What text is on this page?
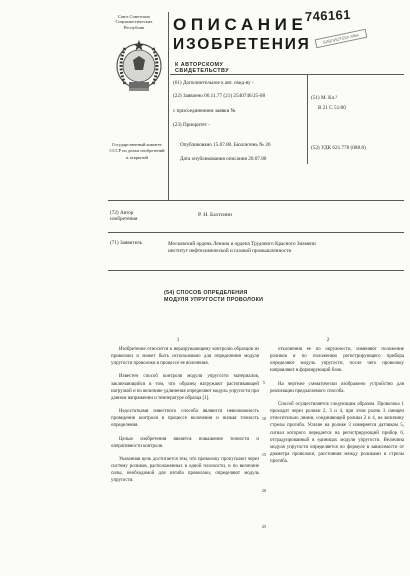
Союз Советских Социалистических Республик
Государственный комитет СССР по делам изобретений и открытий
ОПИСАНИЕ
ИЗОБРЕТЕНИЯ
К АВТОРСКОМУ СВИДЕТЕЛЬСТВУ
746161
БИБЛИОТЕКА МБА
(61) Дополнительное к авт. свид-ву -
(22) Заявлено 06.11.77 (21) 2540746/25-08
с присоединением заявки №
(23) Приоритет -
Опубликовано 15.07.80. Бюллетень № 26
Дата опубликования описания 20.07.80
(51) М. Кл.²
B 21 C 51/00
(53) УДК 621.778 (088.8)
(72) Автор изобретения
Р. Н. Бахтизин
(71) Заявитель	Московский ордена Ленина и ордена Трудового Красного Знамени институт нефтехимической и газовой промышленности
(54) СПОСОБ ОПРЕДЕЛЕНИЯ МОДУЛЯ УПРУГОСТИ ПРОВОЛОКИ
1	2

Изобретение относится к неразрушающему контролю образцов из проволоки и может быть использовано для определения модуля упругости проволоки в процессе ее волочения.

Известен способ контроля модуля упругости материалов, заключающийся в том, что образец нагружают растягивающей нагрузкой и по величине удлинения определяют модуль упругости при данном напряжении и температуре образца [1].

Недостатками известного способа являются невозможность проведения контроля в процессе волочения и низкая точность определения.

Целью изобретения является повышение точности и оперативности контроля.

Указанная цель достигается тем, что проволоку пропускают через систему роликов, расположенных в одной плоскости, и по величине силы, необходимой для изгиба проволоки, определяют модуль упругости.

5
10
15
20
25

отклонения ее по окружности, изменяют положение роликов и по положению регистрирующего прибора определяют модуль упругости, после чего проволоку направляют в формирующий блок.

На чертеже схематически изображено устройство для реализации предлагаемого способа.

Способ осуществляется следующим образом. Проволока 1 проходит через ролики 2, 3 и 4, при этом ролик 3 смещен относительно линии, соединяющей ролики 2 и 4, на величину стрелы прогиба. Усилие на ролике 3 измеряется датчиком 5, сигнал которого передается на регистрирующий прибор 6, отградуированный в единицах модуля упругости. Величина модуля упругости определяется по формуле в зависимости от диаметра проволоки, расстояния между роликами и стрелы прогиба.
